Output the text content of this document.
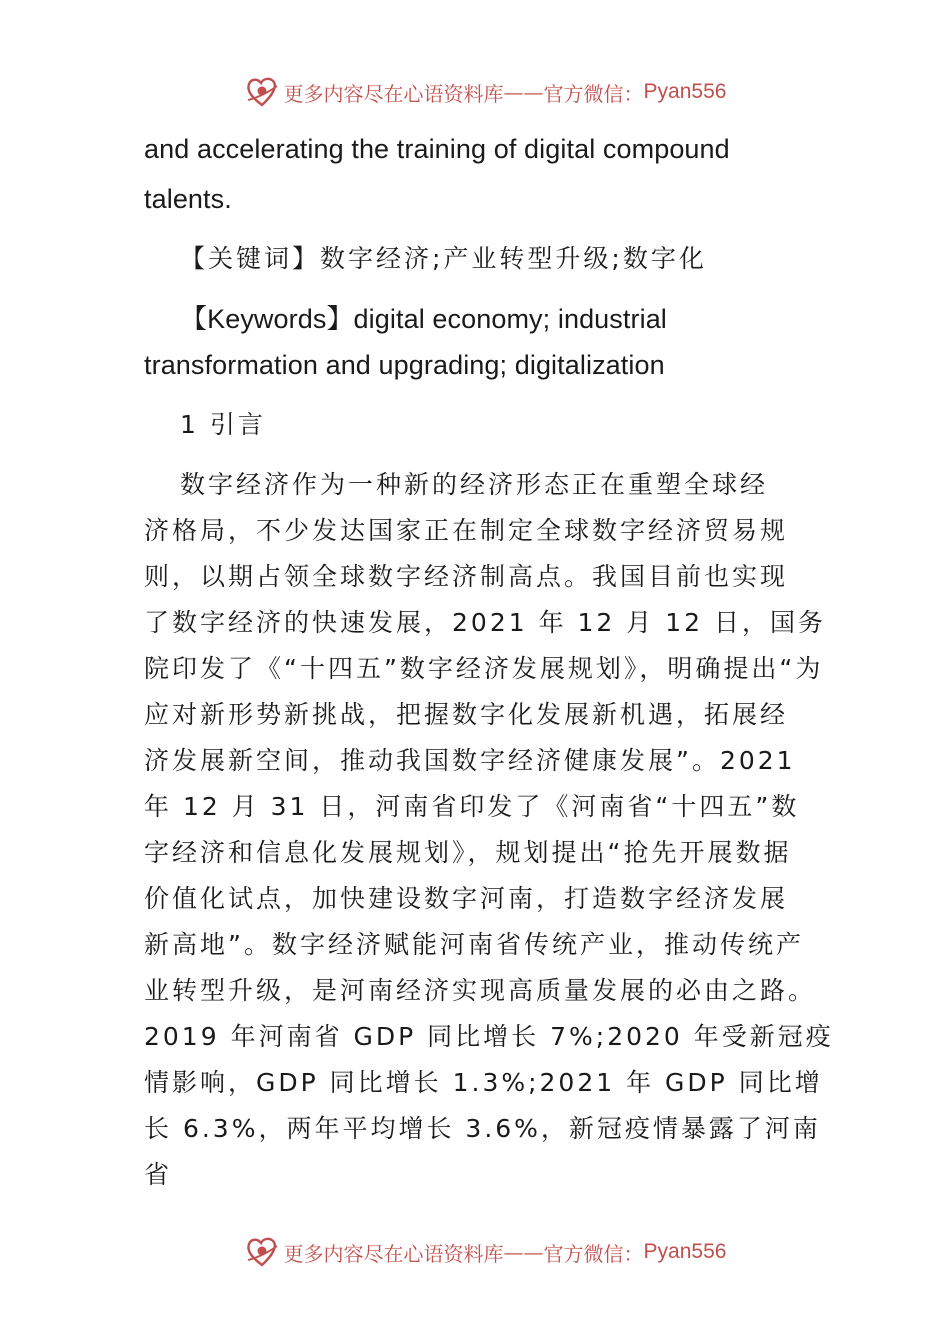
更多内容尽在心语资料库 —— 官方微信： Pyan556
and accelerating the training of digital compound
talents.
【关键词】数字经济;产业转型升级;数字化
【Keywords】digital economy; industrial
transformation and upgrading; digitalization
1 引言
数字经济作为一种新的经济形态正在重塑全球经
济格局，不少发达国家正在制定全球数字经济贸易规
则，以期占领全球数字经济制高点。我国目前也实现
了数字经济的快速发展，2021 年 12 月 12 日，国务
院印发了《“十四五”数字经济发展规划》，明确提出“为
应对新形势新挑战，把握数字化发展新机遇，拓展经
济发展新空间，推动我国数字经济健康发展”。2021
年 12 月 31 日，河南省印发了《河南省“十四五”数
字经济和信息化发展规划》，规划提出“抢先开展数据
价值化试点，加快建设数字河南，打造数字经济发展
新高地”。数字经济赋能河南省传统产业，推动传统产
业转型升级，是河南经济实现高质量发展的必由之路。
2019 年河南省 GDP 同比增长 7%;2020 年受新冠疫
情影响，GDP 同比增长 1.3%;2021 年 GDP 同比增
长 6.3%，两年平均增长 3.6%，新冠疫情暴露了河南
省
更多内容尽在心语资料库 —— 官方微信： Pyan556
